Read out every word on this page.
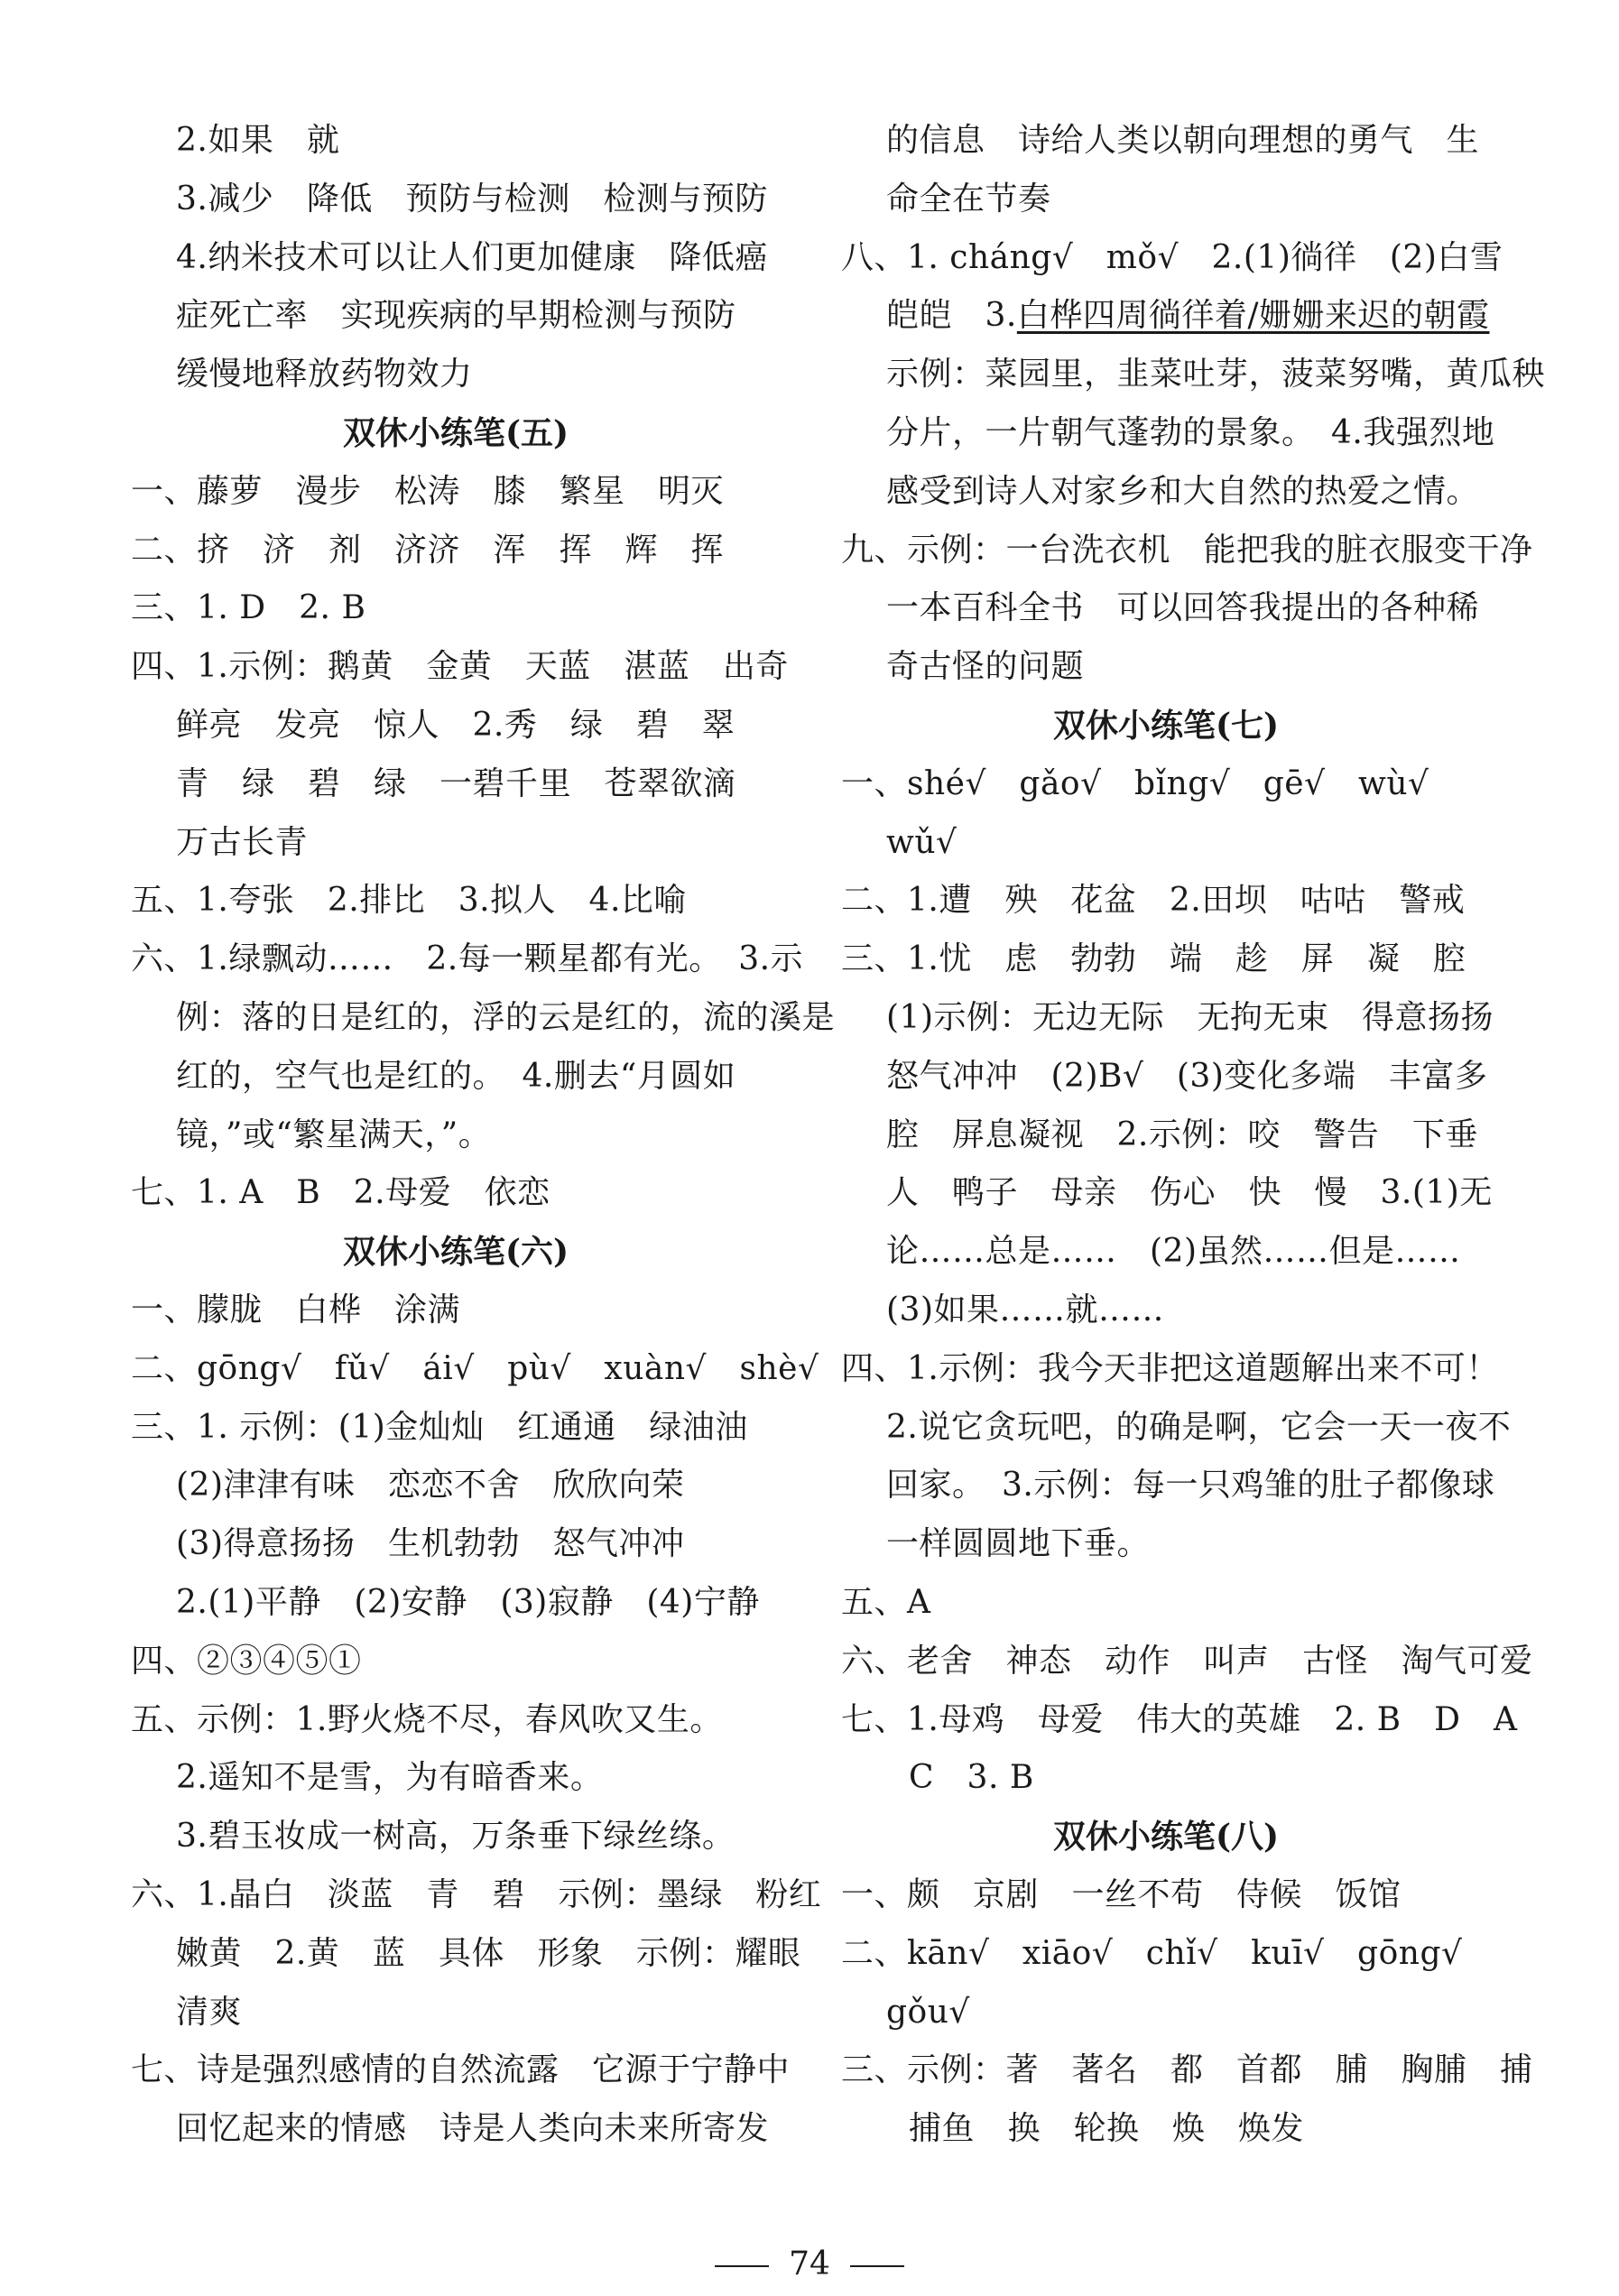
2.如果　就
3.减少　降低　预防与检测　检测与预防
4.纳米技术可以让人们更加健康　降低癌
症死亡率　实现疾病的早期检测与预防
缓慢地释放药物效力
双休小练笔(五)
一、藤萝　漫步　松涛　膝　繁星　明灭
二、挤　济　剂　济济　浑　挥　辉　挥
三、1. D　2. B
四、1.示例：鹅黄　金黄　天蓝　湛蓝　出奇
鲜亮　发亮　惊人　2.秀　绿　碧　翠
青　绿　碧　绿　一碧千里　苍翠欲滴
万古长青
五、1.夸张　2.排比　3.拟人　4.比喻
六、1.绿飘动……　2.每一颗星都有光。　3.示
例：落的日是红的，浮的云是红的，流的溪是
红的，空气也是红的。　4.删去“月圆如
镜，”或“繁星满天，”。
七、1. A　B　2.母爱　依恋
双休小练笔(六)
一、朦胧　白桦　涂满
二、gōng√　fǔ√　ái√　pù√　xuàn√　shè√
三、1. 示例：(1)金灿灿　红通通　绿油油
(2)津津有味　恋恋不舍　欣欣向荣
(3)得意扬扬　生机勃勃　怒气冲冲
2.(1)平静　(2)安静　(3)寂静　(4)宁静
四、②③④⑤①
五、示例：1.野火烧不尽，春风吹又生。
2.遥知不是雪，为有暗香来。
3.碧玉妆成一树高，万条垂下绿丝绦。
六、1.晶白　淡蓝　青　碧　示例：墨绿　粉红
嫩黄　2.黄　蓝　具体　形象　示例：耀眼
清爽
七、诗是强烈感情的自然流露　它源于宁静中
回忆起来的情感　诗是人类向未来所寄发
的信息　诗给人类以朝向理想的勇气　生
命全在节奏
八、1. cháng√　mǒ√　2.(1)徜徉　(2)白雪
皑皑　3.白桦四周徜徉着/姗姗来迟的朝霞
示例：菜园里，韭菜吐芽，菠菜努嘴，黄瓜秧
分片，一片朝气蓬勃的景象。　4.我强烈地
感受到诗人对家乡和大自然的热爱之情。
九、示例：一台洗衣机　能把我的脏衣服变干净
一本百科全书　可以回答我提出的各种稀
奇古怪的问题
双休小练笔(七)
一、shé√　gǎo√　bǐng√　gē√　wù√
wǔ√
二、1.遭　殃　花盆　2.田坝　咕咕　警戒
三、1.忧　虑　勃勃　端　趁　屏　凝　腔
(1)示例：无边无际　无拘无束　得意扬扬
怒气冲冲　(2)B√　(3)变化多端　丰富多
腔　屏息凝视　2.示例：咬　警告　下垂
人　鸭子　母亲　伤心　快　慢　3.(1)无
论……总是……　(2)虽然……但是……
(3)如果……就……
四、1.示例：我今天非把这道题解出来不可！
2.说它贪玩吧，的确是啊，它会一天一夜不
回家。　3.示例：每一只鸡雏的肚子都像球
一样圆圆地下垂。
五、A
六、老舍　神态　动作　叫声　古怪　淘气可爱
七、1.母鸡　母爱　伟大的英雄　2. B　D　A
C　3. B
双休小练笔(八)
一、颇　京剧　一丝不苟　侍候　饭馆
二、kān√　xiāo√　chǐ√　kuī√　gōng√
gǒu√
三、示例：著　著名　都　首都　脯　胸脯　捕
捕鱼　换　轮换　焕　焕发
74
